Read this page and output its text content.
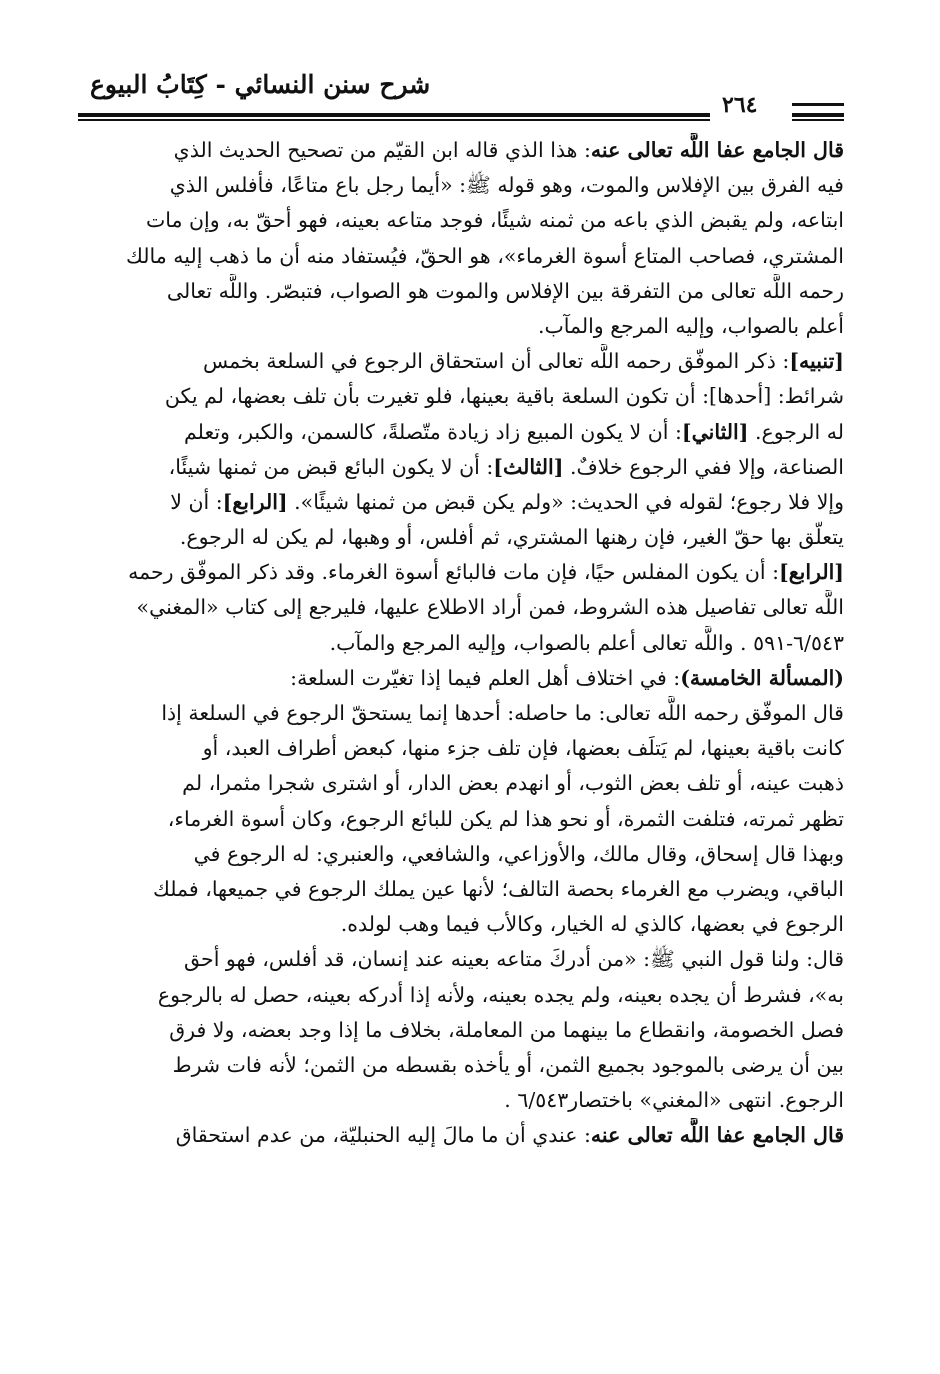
شرح سنن النسائي - كِتَابُ البيوع
٢٦٤
قال الجامع عفا اللَّه تعالى عنه: هذا الذي قاله ابن القيّم من تصحيح الحديث الذي
فيه الفرق بين الإفلاس والموت، وهو قوله ﷺ: «أيما رجل باع متاعًا، فأفلس الذي
ابتاعه، ولم يقبض الذي باعه من ثمنه شيئًا، فوجد متاعه بعينه، فهو أحقّ به، وإن مات
المشتري، فصاحب المتاع أسوة الغرماء»، هو الحقّ، فيُستفاد منه أن ما ذهب إليه مالك
رحمه اللَّه تعالى من التفرقة بين الإفلاس والموت هو الصواب، فتبصّر. واللَّه تعالى
أعلم بالصواب، وإليه المرجع والمآب.
[تنبيه]: ذكر الموفّق رحمه اللَّه تعالى أن استحقاق الرجوع في السلعة بخمس
شرائط: [أحدها]: أن تكون السلعة باقية بعينها، فلو تغيرت بأن تلف بعضها، لم يكن
له الرجوع. [الثاني]: أن لا يكون المبيع زاد زيادة متّصلةً، كالسمن، والكبر، وتعلم
الصناعة، وإلا ففي الرجوع خلافٌ. [الثالث]: أن لا يكون البائع قبض من ثمنها شيئًا،
وإلا فلا رجوع؛ لقوله في الحديث: «ولم يكن قبض من ثمنها شيئًا». [الرابع]: أن لا
يتعلّق بها حقّ الغير، فإن رهنها المشتري، ثم أفلس، أو وهبها، لم يكن له الرجوع.
[الرابع]: أن يكون المفلس حيًا، فإن مات فالبائع أسوة الغرماء. وقد ذكر الموفّق رحمه
اللَّه تعالى تفاصيل هذه الشروط، فمن أراد الاطلاع عليها، فليرجع إلى كتاب «المغني»
٦/٥٤٣-٥٩١ . واللَّه تعالى أعلم بالصواب، وإليه المرجع والمآب.
(المسألة الخامسة): في اختلاف أهل العلم فيما إذا تغيّرت السلعة:
قال الموفّق رحمه اللَّه تعالى: ما حاصله: أحدها إنما يستحقّ الرجوع في السلعة إذا
كانت باقية بعينها، لم يَتلَف بعضها، فإن تلف جزء منها، كبعض أطراف العبد، أو
ذهبت عينه، أو تلف بعض الثوب، أو انهدم بعض الدار، أو اشترى شجرا مثمرا، لم
تظهر ثمرته، فتلفت الثمرة، أو نحو هذا لم يكن للبائع الرجوع، وكان أسوة الغرماء،
وبهذا قال إسحاق، وقال مالك، والأوزاعي، والشافعي، والعنبري: له الرجوع في
الباقي، ويضرب مع الغرماء بحصة التالف؛ لأنها عين يملك الرجوع في جميعها، فملك
الرجوع في بعضها، كالذي له الخيار، وكالأب فيما وهب لولده.
قال: ولنا قول النبي ﷺ: «من أدركَ متاعه بعينه عند إنسان، قد أفلس، فهو أحق
به»، فشرط أن يجده بعينه، ولم يجده بعينه، ولأنه إذا أدركه بعينه، حصل له بالرجوع
فصل الخصومة، وانقطاع ما بينهما من المعاملة، بخلاف ما إذا وجد بعضه، ولا فرق
بين أن يرضى بالموجود بجميع الثمن، أو يأخذه بقسطه من الثمن؛ لأنه فات شرط
الرجوع. انتهى «المغني» باختصار٦/٥٤٣ .
قال الجامع عفا اللَّه تعالى عنه: عندي أن ما مالَ إليه الحنبليّة، من عدم استحقاق
